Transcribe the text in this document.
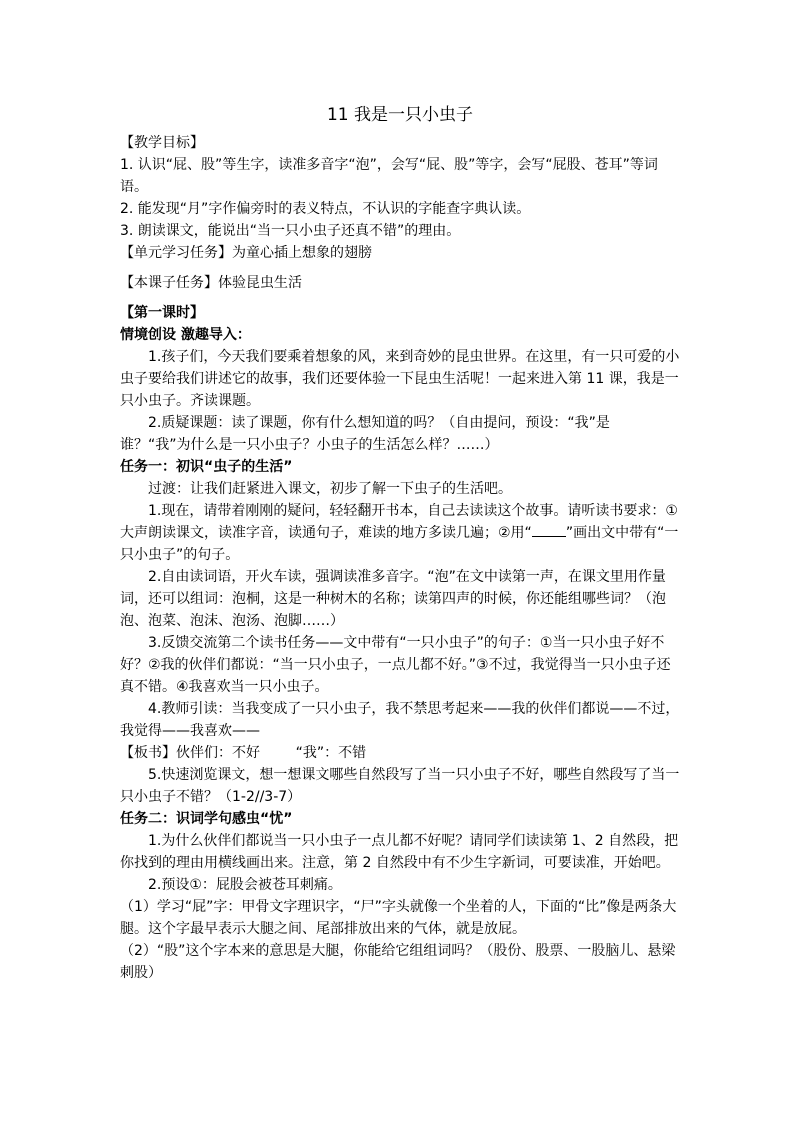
11 我是一只小虫子

【教学目标】

1. 认识“屁、股”等生字，读准多音字“泡”，会写“屁、股”等字，会写“屁股、苍耳”等词语。

2. 能发现“月”字作偏旁时的表义特点，不认识的字能查字典认读。

3. 朗读课文，能说出“当一只小虫子还真不错”的理由。

【单元学习任务】为童心插上想象的翅膀

【本课子任务】体验昆虫生活

【第一课时】

情境创设 激趣导入：

1.孩子们，今天我们要乘着想象的风，来到奇妙的昆虫世界。在这里，有一只可爱的小虫子要给我们讲述它的故事，我们还要体验一下昆虫生活呢！一起来进入第 11 课，我是一只小虫子。齐读课题。

2.质疑课题：读了课题，你有什么想知道的吗？（自由提问，预设：“我”是谁？“我”为什么是一只小虫子？小虫子的生活怎么样？……）

任务一：初识“虫子的生活”

过渡：让我们赶紧进入课文，初步了解一下虫子的生活吧。

1.现在，请带着刚刚的疑问，轻轻翻开书本，自己去读读这个故事。请听读书要求：①大声朗读课文，读准字音，读通句子，难读的地方多读几遍；②用“ ”画出文中带有“一只小虫子”的句子。

2.自由读词语，开火车读，强调读准多音字。“泡”在文中读第一声，在课文里用作量词，还可以组词：泡桐，这是一种树木的名称；读第四声的时候，你还能组哪些词？（泡泡、泡菜、泡沫、泡汤、泡脚……）

3.反馈交流第二个读书任务——文中带有“一只小虫子”的句子：①当一只小虫子好不好？②我的伙伴们都说：“当一只小虫子，一点儿都不好。”③不过，我觉得当一只小虫子还真不错。④我喜欢当一只小虫子。

4.教师引读：当我变成了一只小虫子，我不禁思考起来——我的伙伴们都说——不过，我觉得——我喜欢——

【板书】伙伴们：不好        “我”：不错

5.快速浏览课文，想一想课文哪些自然段写了当一只小虫子不好，哪些自然段写了当一只小虫子不错？（1-2//3-7）

任务二：识词学句感虫“忧”

1.为什么伙伴们都说当一只小虫子一点儿都不好呢？请同学们读读第 1、2 自然段，把你找到的理由用横线画出来。注意，第 2 自然段中有不少生字新词，可要读准，开始吧。

2.预设①：屁股会被苍耳刺痛。

（1）学习“屁”字：甲骨文字理识字，“尸”字头就像一个坐着的人，下面的“比”像是两条大腿。这个字最早表示大腿之间、尾部排放出来的气体，就是放屁。

（2）“股”这个字本来的意思是大腿，你能给它组组词吗？（股份、股票、一股脑儿、悬梁刺股）
